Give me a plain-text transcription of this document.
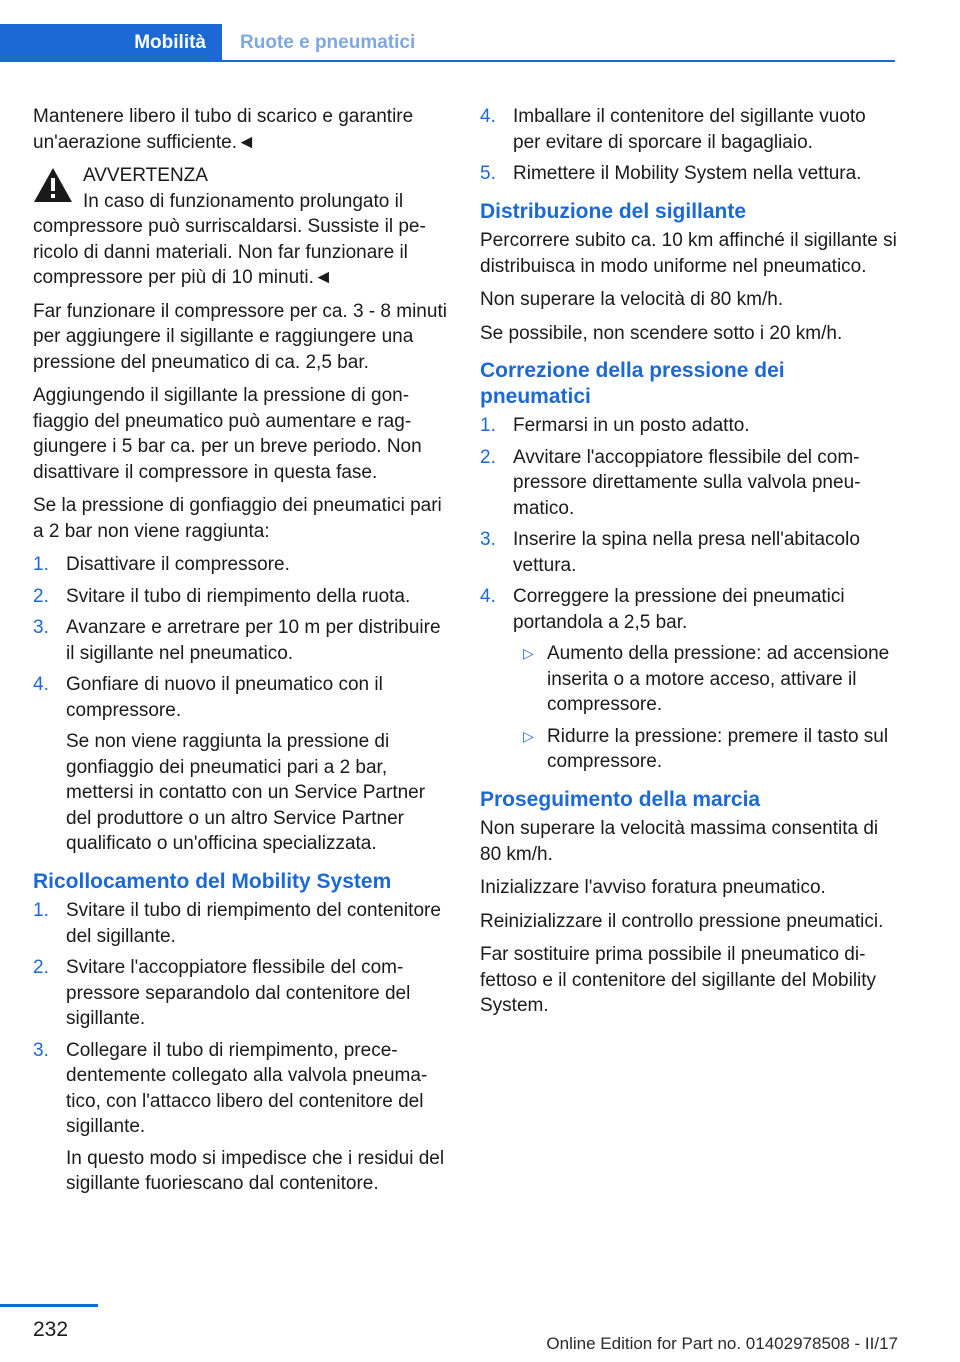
Mobilità	Ruote e pneumatici

Mantenere libero il tubo di scarico e garantire un'aerazione sufficiente.◄

AVVERTENZA
In caso di funzionamento prolungato il
compressore può surriscaldarsi. Sussiste il pericolo di danni materiali. Non far funzionare il compressore per più di 10 minuti.◄

Far funzionare il compressore per ca. 3 - 8 minuti per aggiungere il sigillante e raggiungere una pressione del pneumatico di ca. 2,5 bar.

Aggiungendo il sigillante la pressione di gonfiaggio del pneumatico può aumentare e raggiungere i 5 bar ca. per un breve periodo. Non disattivare il compressore in questa fase.

Se la pressione di gonfiaggio dei pneumatici pari a 2 bar non viene raggiunta:

1. Disattivare il compressore.
2. Svitare il tubo di riempimento della ruota.
3. Avanzare e arretrare per 10 m per distribuire il sigillante nel pneumatico.
4. Gonfiare di nuovo il pneumatico con il compressore.
Se non viene raggiunta la pressione di gonfiaggio dei pneumatici pari a 2 bar, mettersi in contatto con un Service Partner del produttore o un altro Service Partner qualificato o un'officina specializzata.
Ricollocamento del Mobility System
1. Svitare il tubo di riempimento del contenitore del sigillante.
2. Svitare l'accoppiatore flessibile del compressore separandolo dal contenitore del sigillante.
3. Collegare il tubo di riempimento, precedentemente collegato alla valvola pneumatico, con l'attacco libero del contenitore del sigillante.
In questo modo si impedisce che i residui del sigillante fuoriescano dal contenitore.
4. Imballare il contenitore del sigillante vuoto per evitare di sporcare il bagagliaio.
5. Rimettere il Mobility System nella vettura.
Distribuzione del sigillante

Percorrere subito ca. 10 km affinché il sigillante si distribuisca in modo uniforme nel pneumatico.

Non superare la velocità di 80 km/h.

Se possibile, non scendere sotto i 20 km/h.

Correzione della pressione dei pneumatici
1. Fermarsi in un posto adatto.
2. Avvitare l'accoppiatore flessibile del compressore direttamente sulla valvola pneumatico.
3. Inserire la spina nella presa nell'abitacolo vettura.
4. Correggere la pressione dei pneumatici portandola a 2,5 bar.
▷ Aumento della pressione: ad accensione inserita o a motore acceso, attivare il compressore.
▷ Ridurre la pressione: premere il tasto sul compressore.
Proseguimento della marcia

Non superare la velocità massima consentita di 80 km/h.

Inizializzare l'avviso foratura pneumatico.

Reinizializzare il controllo pressione pneumatici.

Far sostituire prima possibile il pneumatico difettoso e il contenitore del sigillante del Mobility System.

232
Online Edition for Part no. 01402978508 - II/17
